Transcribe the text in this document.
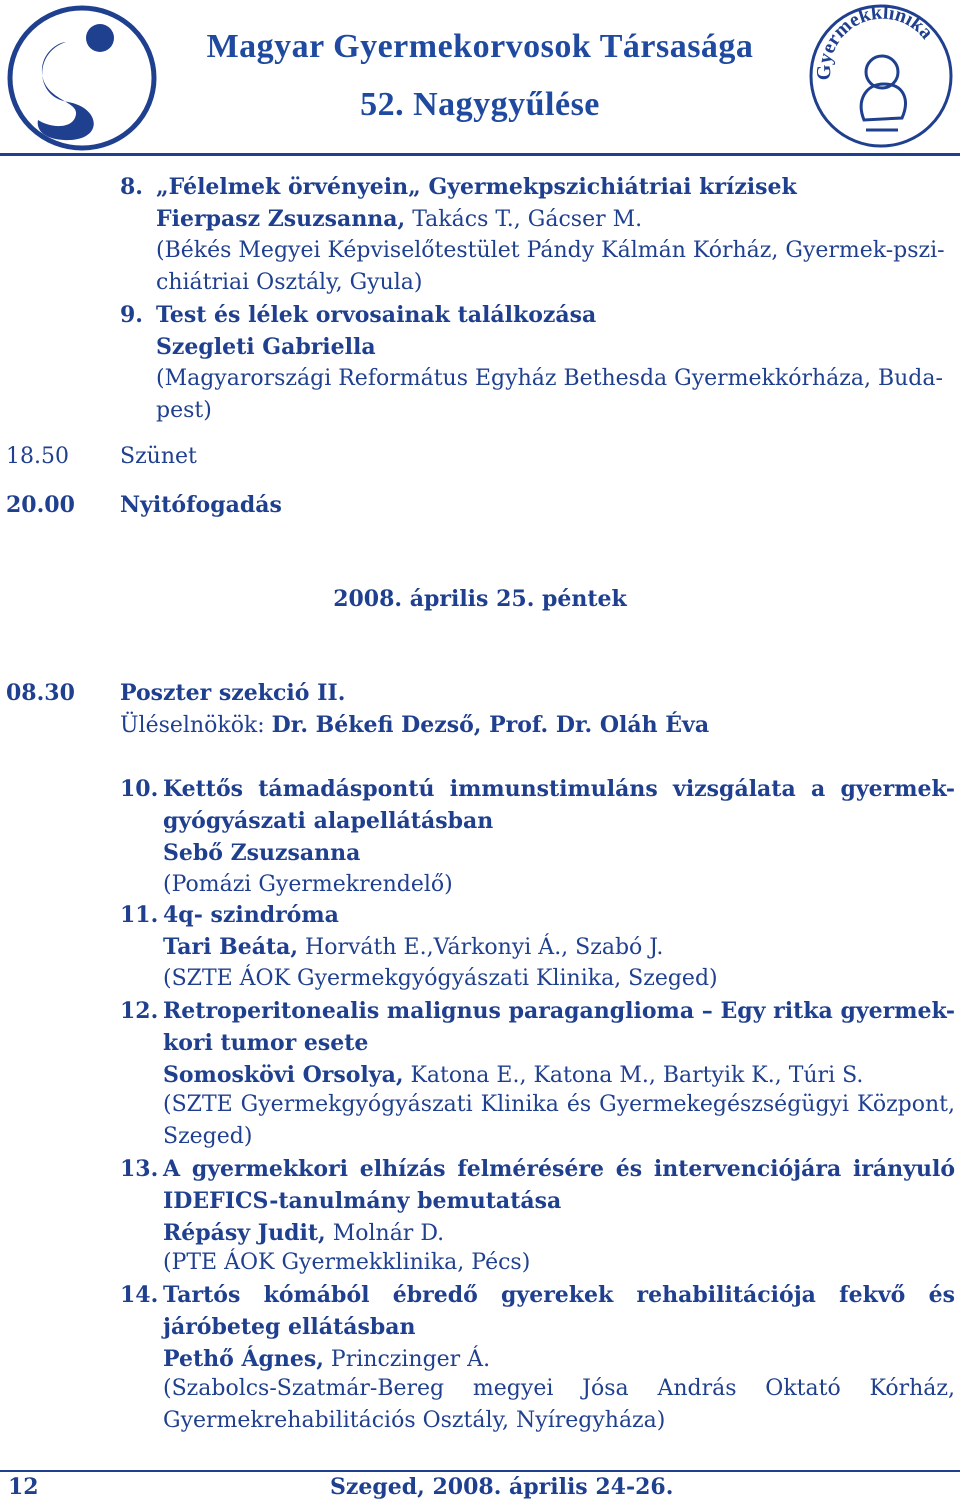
Magyar Gyermekorvosok Társasága
52. Nagygyűlése
Gyermekklinika
8. „Félelmek örvényein„ Gyermekpszichiátriai krízisek
Fierpasz Zsuzsanna, Takács T., Gácser M.
(Békés Megyei Képviselőtestület Pándy Kálmán Kórház, Gyermek-pszi-
chiátriai Osztály, Gyula)
9. Test és lélek orvosainak találkozása
Szegleti Gabriella
(Magyarországi Református Egyház Bethesda Gyermekkórháza, Buda-
pest)
18.50 Szünet
20.00 Nyitófogadás
2008. április 25. péntek
08.30 Poszter szekció II.
Üléselnökök: Dr. Békefi Dezső, Prof. Dr. Oláh Éva
10. Kettős támadáspontú immunstimuláns vizsgálata a gyermek-
gyógyászati alapellátásban
Sebő Zsuzsanna
(Pomázi Gyermekrendelő)
11. 4q- szindróma
Tari Beáta, Horváth E.,Várkonyi Á., Szabó J.
(SZTE ÁOK Gyermekgyógyászati Klinika, Szeged)
12. Retroperitonealis malignus paraganglioma – Egy ritka gyermek-
kori tumor esete
Somoskövi Orsolya, Katona E., Katona M., Bartyik K., Túri S.
(SZTE Gyermekgyógyászati Klinika és Gyermekegészségügyi Központ,
Szeged)
13. A gyermekkori elhízás felmérésére és intervenciójára irányuló
IDEFICS-tanulmány bemutatása
Répásy Judit, Molnár D.
(PTE ÁOK Gyermekklinika, Pécs)
14. Tartós kómából ébredő gyerekek rehabilitációja fekvő és
járóbeteg ellátásban
Pethő Ágnes, Princzinger Á.
(Szabolcs-Szatmár-Bereg megyei Jósa András Oktató Kórház,
Gyermekrehabilitációs Osztály, Nyíregyháza)
12	Szeged, 2008. április 24-26.
